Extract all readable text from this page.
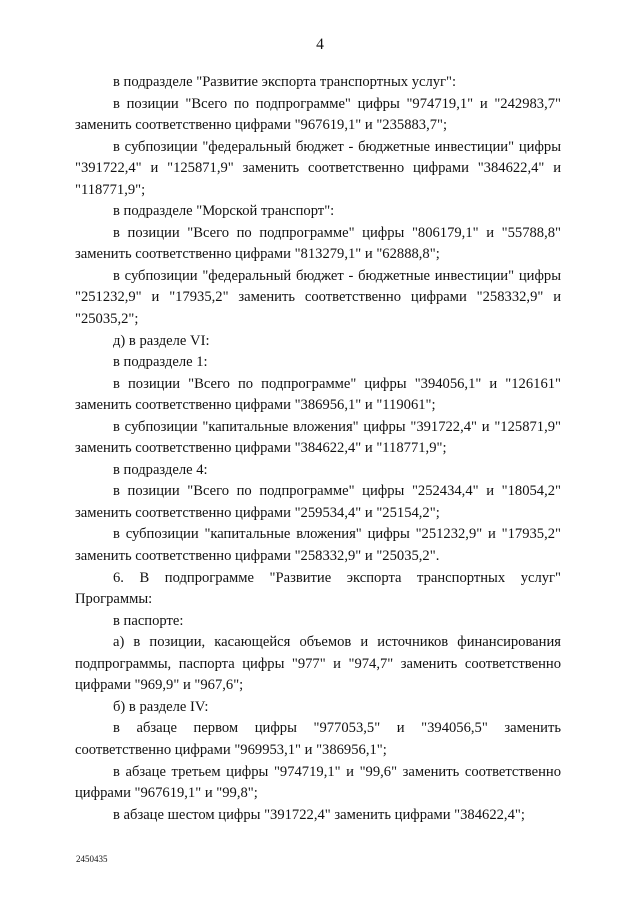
4

в подразделе "Развитие экспорта транспортных услуг":

в позиции "Всего по подпрограмме" цифры "974719,1" и "242983,7" заменить соответственно цифрами "967619,1" и "235883,7";

в субпозиции "федеральный бюджет - бюджетные инвестиции" цифры "391722,4" и "125871,9" заменить соответственно цифрами "384622,4" и "118771,9";

в подразделе "Морской транспорт":

в позиции "Всего по подпрограмме" цифры "806179,1" и "55788,8" заменить соответственно цифрами "813279,1" и "62888,8";

в субпозиции "федеральный бюджет - бюджетные инвестиции" цифры "251232,9" и "17935,2" заменить соответственно цифрами "258332,9" и "25035,2";

д) в разделе VI:

в подразделе 1:

в позиции "Всего по подпрограмме" цифры "394056,1" и "126161" заменить соответственно цифрами "386956,1" и "119061";

в субпозиции "капитальные вложения" цифры "391722,4" и "125871,9" заменить соответственно цифрами "384622,4" и "118771,9";

в подразделе 4:

в позиции "Всего по подпрограмме" цифры "252434,4" и "18054,2" заменить соответственно цифрами "259534,4" и "25154,2";

в субпозиции "капитальные вложения" цифры "251232,9" и "17935,2" заменить соответственно цифрами "258332,9" и "25035,2".

6. В подпрограмме "Развитие экспорта транспортных услуг" Программы:

в паспорте:

а) в позиции, касающейся объемов и источников финансирования подпрограммы, паспорта цифры "977" и "974,7" заменить соответственно цифрами "969,9" и "967,6";

б) в разделе IV:

в абзаце первом цифры "977053,5" и "394056,5" заменить соответственно цифрами "969953,1" и "386956,1";

в абзаце третьем цифры "974719,1" и "99,6" заменить соответственно цифрами "967619,1" и "99,8";

в абзаце шестом цифры "391722,4" заменить цифрами "384622,4";

2450435
